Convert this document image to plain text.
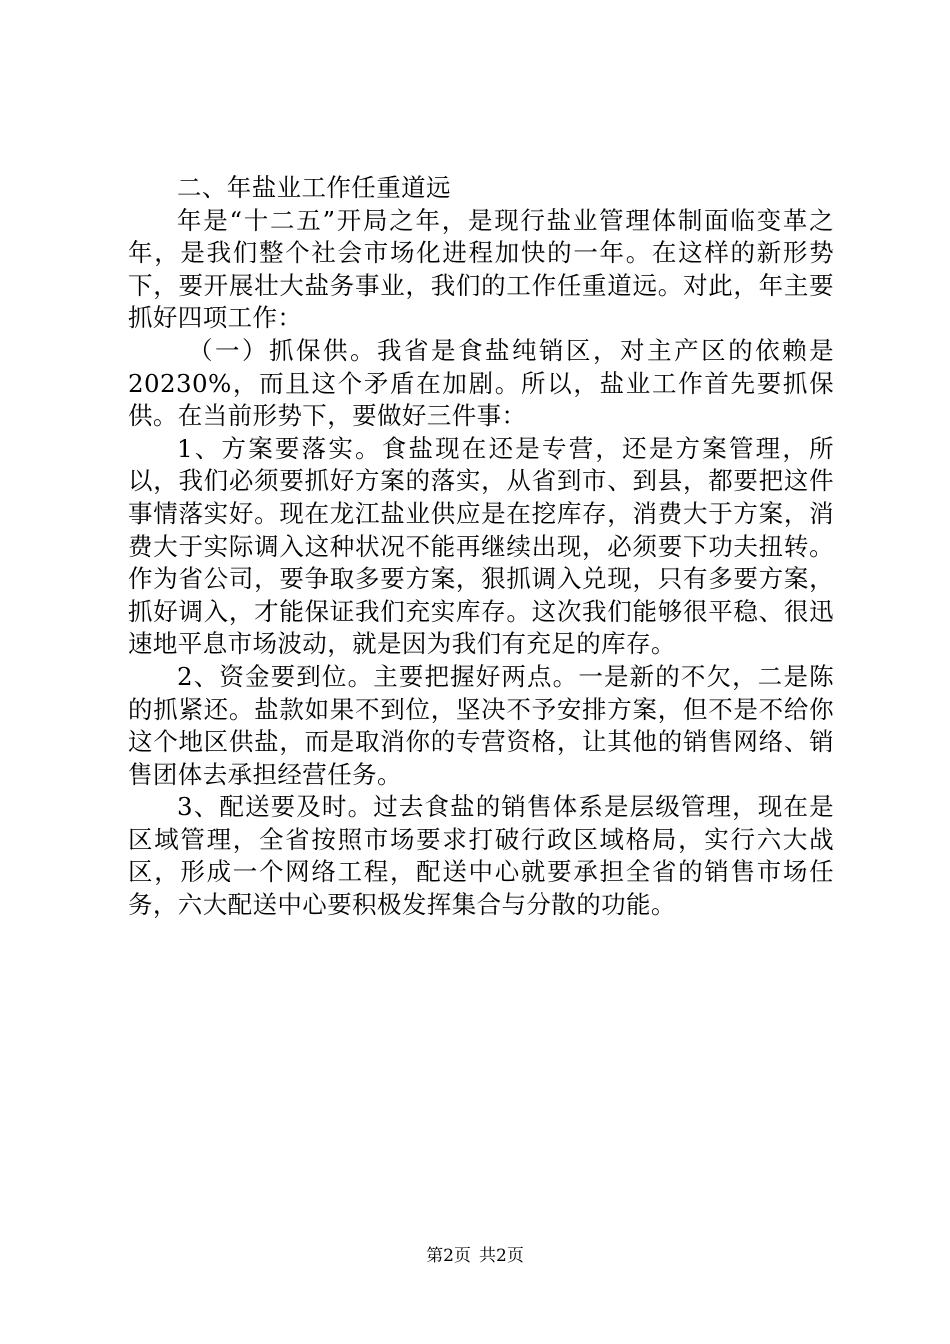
二、年盐业工作任重道远

年是“十二五”开局之年，是现行盐业管理体制面临变革之年，是我们整个社会市场化进程加快的一年。在这样的新形势下，要开展壮大盐务事业，我们的工作任重道远。对此，年主要抓好四项工作：

（一）抓保供。我省是食盐纯销区，对主产区的依赖是20230%，而且这个矛盾在加剧。所以，盐业工作首先要抓保供。在当前形势下，要做好三件事：

1、方案要落实。食盐现在还是专营，还是方案管理，所以，我们必须要抓好方案的落实，从省到市、到县，都要把这件事情落实好。现在龙江盐业供应是在挖库存，消费大于方案，消费大于实际调入这种状况不能再继续出现，必须要下功夫扭转。作为省公司，要争取多要方案，狠抓调入兑现，只有多要方案，抓好调入，才能保证我们充实库存。这次我们能够很平稳、很迅速地平息市场波动，就是因为我们有充足的库存。

2、资金要到位。主要把握好两点。一是新的不欠，二是陈的抓紧还。盐款如果不到位，坚决不予安排方案，但不是不给你这个地区供盐，而是取消你的专营资格，让其他的销售网络、销售团体去承担经营任务。

3、配送要及时。过去食盐的销售体系是层级管理，现在是区域管理，全省按照市场要求打破行政区域格局，实行六大战区，形成一个网络工程，配送中心就要承担全省的销售市场任务，六大配送中心要积极发挥集合与分散的功能。

第2页 共2页
